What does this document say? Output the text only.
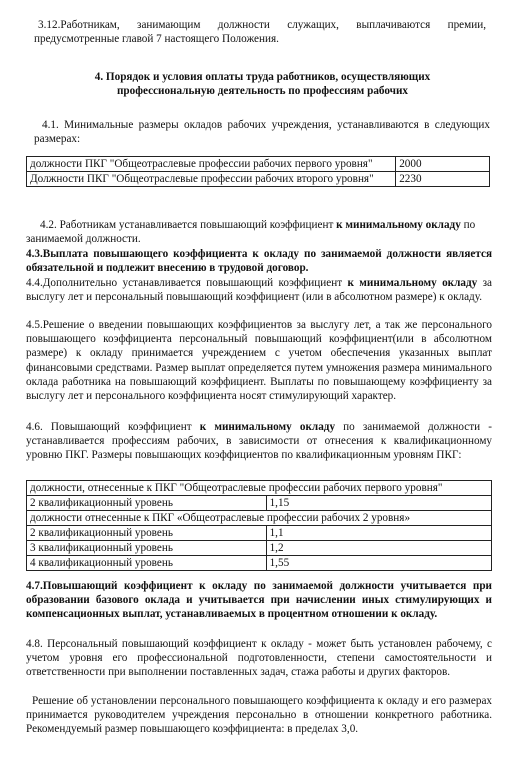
3.12.Работникам, занимающим должности служащих, выплачиваются премии, предусмотренные главой 7 настоящего Положения.

4. Порядок и условия оплаты труда работников, осуществляющих
профессиональную деятельность по профессиям рабочих

4.1. Минимальные размеры окладов рабочих учреждения, устанавливаются в следующих размерах:

должности ПКГ "Общеотраслевые профессии рабочих первого уровня"	2000
Должности ПКГ "Общеотраслевые профессии рабочих второго уровня"	2230

4.2. Работникам устанавливается повышающий коэффициент к минимальному окладу по занимаемой должности.

4.3.Выплата повышающего коэффициента к окладу по занимаемой должности является обязательной и подлежит внесению в трудовой договор.

4.4.Дополнительно устанавливается повышающий коэффициент к минимальному окладу за выслугу лет и персональный повышающий коэффициент (или в абсолютном размере) к окладу.

4.5.Решение о введении повышающих коэффициентов за выслугу лет, а так же персонального повышающего коэффициента персональный повышающий коэффициент(или в абсолютном размере) к окладу принимается учреждением с учетом обеспечения указанных выплат финансовыми средствами. Размер выплат определяется путем умножения размера минимального оклада работника на повышающий коэффициент. Выплаты по повышающему коэффициенту за выслугу лет и персонального коэффициента носят стимулирующий характер.

4.6. Повышающий коэффициент к минимальному окладу по занимаемой должности - устанавливается профессиям рабочих, в зависимости от отнесения к квалификационному уровню ПКГ. Размеры повышающих коэффициентов по квалификационным уровням ПКГ:

должности, отнесенные к ПКГ "Общеотраслевые профессии рабочих первого уровня"	
2 квалификационный уровень	1,15
должности отнесенные к ПКГ «Общеотраслевые профессии рабочих 2 уровня»	
2 квалификационный уровень	1,1
3 квалификационный уровень	1,2
4 квалификационный уровень	1,55

4.7.Повышающий коэффициент к окладу по занимаемой должности учитывается при образовании базового оклада и учитывается при начислении иных стимулирующих и компенсационных выплат, устанавливаемых в процентном отношении к окладу.

4.8. Персональный повышающий коэффициент к окладу - может быть установлен рабочему, с учетом уровня его профессиональной подготовленности, степени самостоятельности и ответственности при выполнении поставленных задач, стажа работы и других факторов.

Решение об установлении персонального повышающего коэффициента к окладу и его размерах принимается руководителем учреждения персонально в отношении конкретного работника. Рекомендуемый размер повышающего коэффициента: в пределах 3,0.
